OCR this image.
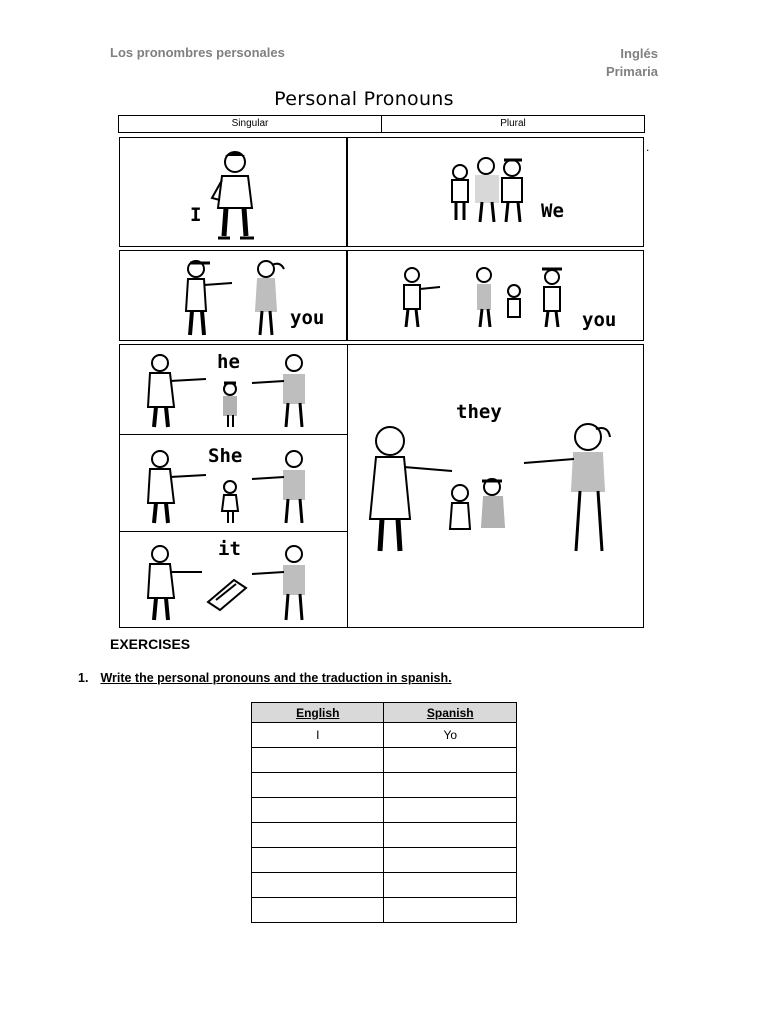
Los pronombres personales	Inglés
Primaria
Personal Pronouns
Singular	Plural
.
I	We
you	you
he
She
it
they
EXERCISES
1. Write the personal pronouns and the traduction in spanish.
English	Spanish
I	Yo
